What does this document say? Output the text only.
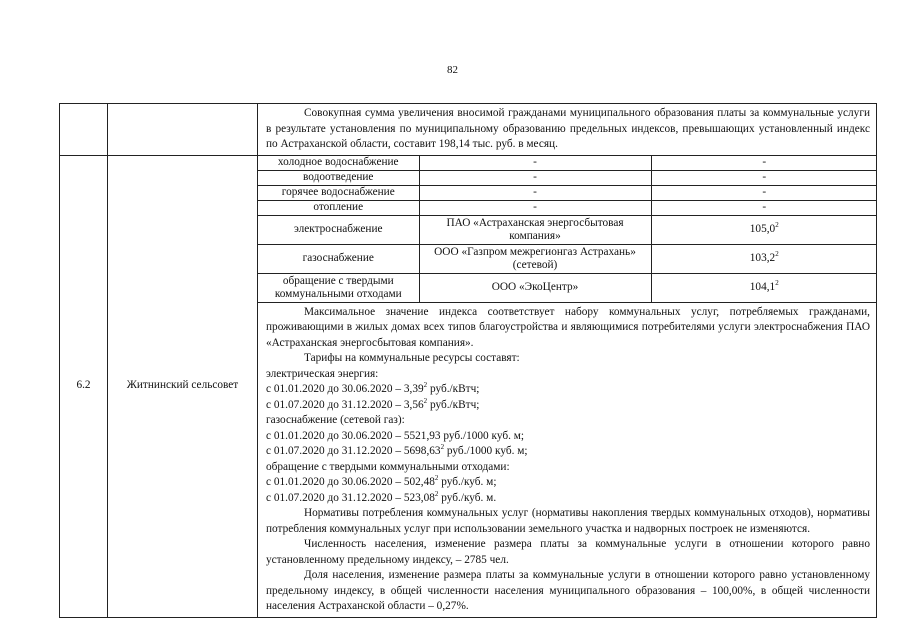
82

Совокупная сумма увеличения вносимой гражданами муниципального образования платы за коммунальные услуги в результате установления по муниципальному образованию предельных индексов, превышающих установленный индекс по Астраханской области, составит 198,14 тыс. руб. в месяц.

6.2	Житнинский сельсовет	
холодное водоснабжение	-	-
водоотведение	-	-
горячее водоснабжение	-	-
отопление	-	-
электроснабжение	ПАО «Астраханская энергосбытовая компания»	105,0$^2$
газоснабжение	ООО «Газпром межрегионгаз Астрахань» (сетевой)	103,2$^2$
обращение с твердыми коммунальными отходами	ООО «ЭкоЦентр»	104,1$^2$

Максимальное значение индекса соответствует набору коммунальных услуг, потребляемых гражданами, проживающими в жилых домах всех типов благоустройства и являющимися потребителями услуги электроснабжения ПАО «Астраханская энергосбытовая компания».

Тарифы на коммунальные ресурсы составят:

электрическая энергия:

с 01.01.2020 до 30.06.2020 – 3,39$^2$ руб./кВтч;

с 01.07.2020 до 31.12.2020 – 3,56$^2$ руб./кВтч;

газоснабжение (сетевой газ):

с 01.01.2020 до 30.06.2020 – 5521,93 руб./1000 куб. м;

с 01.07.2020 до 31.12.2020 – 5698,63$^2$ руб./1000 куб. м;

обращение с твердыми коммунальными отходами:

с 01.01.2020 до 30.06.2020 – 502,48$^2$ руб./куб. м;

с 01.07.2020 до 31.12.2020 – 523,08$^2$ руб./куб. м.

Нормативы потребления коммунальных услуг (нормативы накопления твердых коммунальных отходов), нормативы потребления коммунальных услуг при использовании земельного участка и надворных построек не изменяются.

Численность населения, изменение размера платы за коммунальные услуги в отношении которого равно установленному предельному индексу, – 2785 чел.

Доля населения, изменение размера платы за коммунальные услуги в отношении которого равно установленному предельному индексу, в общей численности населения муниципального образования – 100,00%, в общей численности населения Астраханской области – 0,27%.
